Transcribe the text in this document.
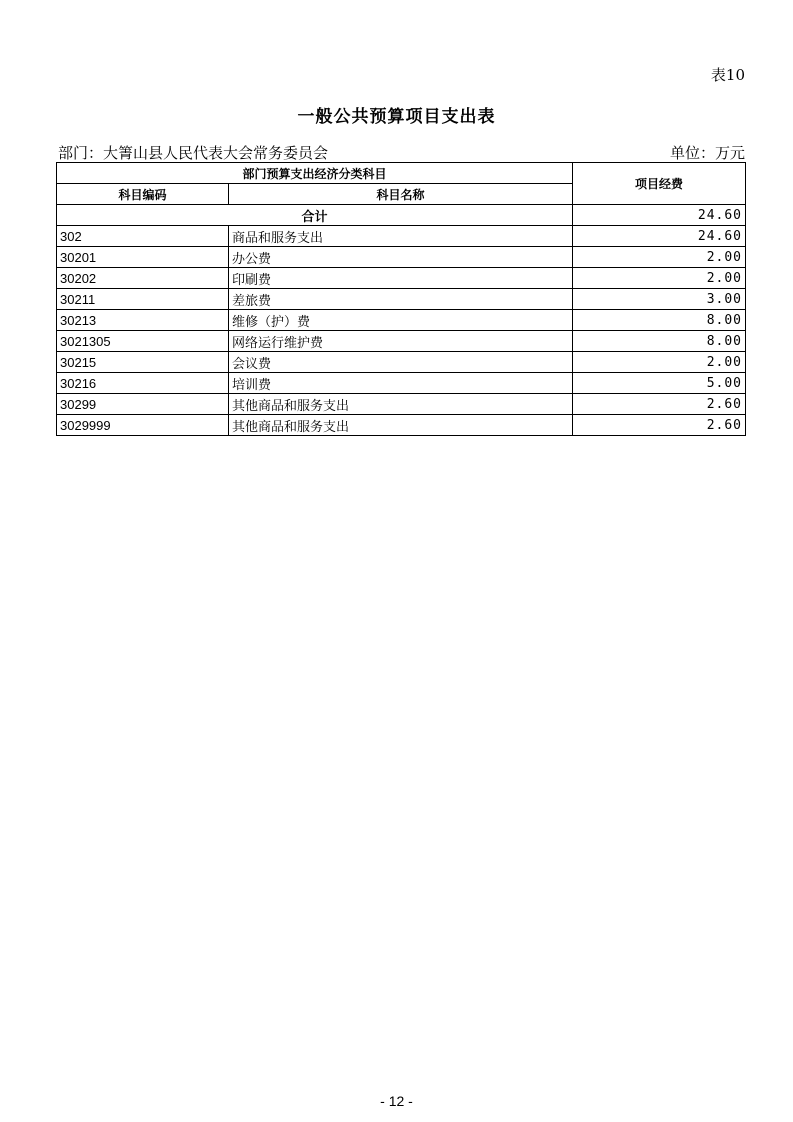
表10
一般公共预算项目支出表
部门：大箐山县人民代表大会常务委员会	单位：万元
部门预算支出经济分类科目		项目经费
科目编码	科目名称	
合计		24.60
302	商品和服务支出	24.60
30201	办公费	2.00
30202	印刷费	2.00
30211	差旅费	3.00
30213	维修（护）费	8.00
3021305	网络运行维护费	8.00
30215	会议费	2.00
30216	培训费	5.00
30299	其他商品和服务支出	2.60
3029999	其他商品和服务支出	2.60
- 12 -
